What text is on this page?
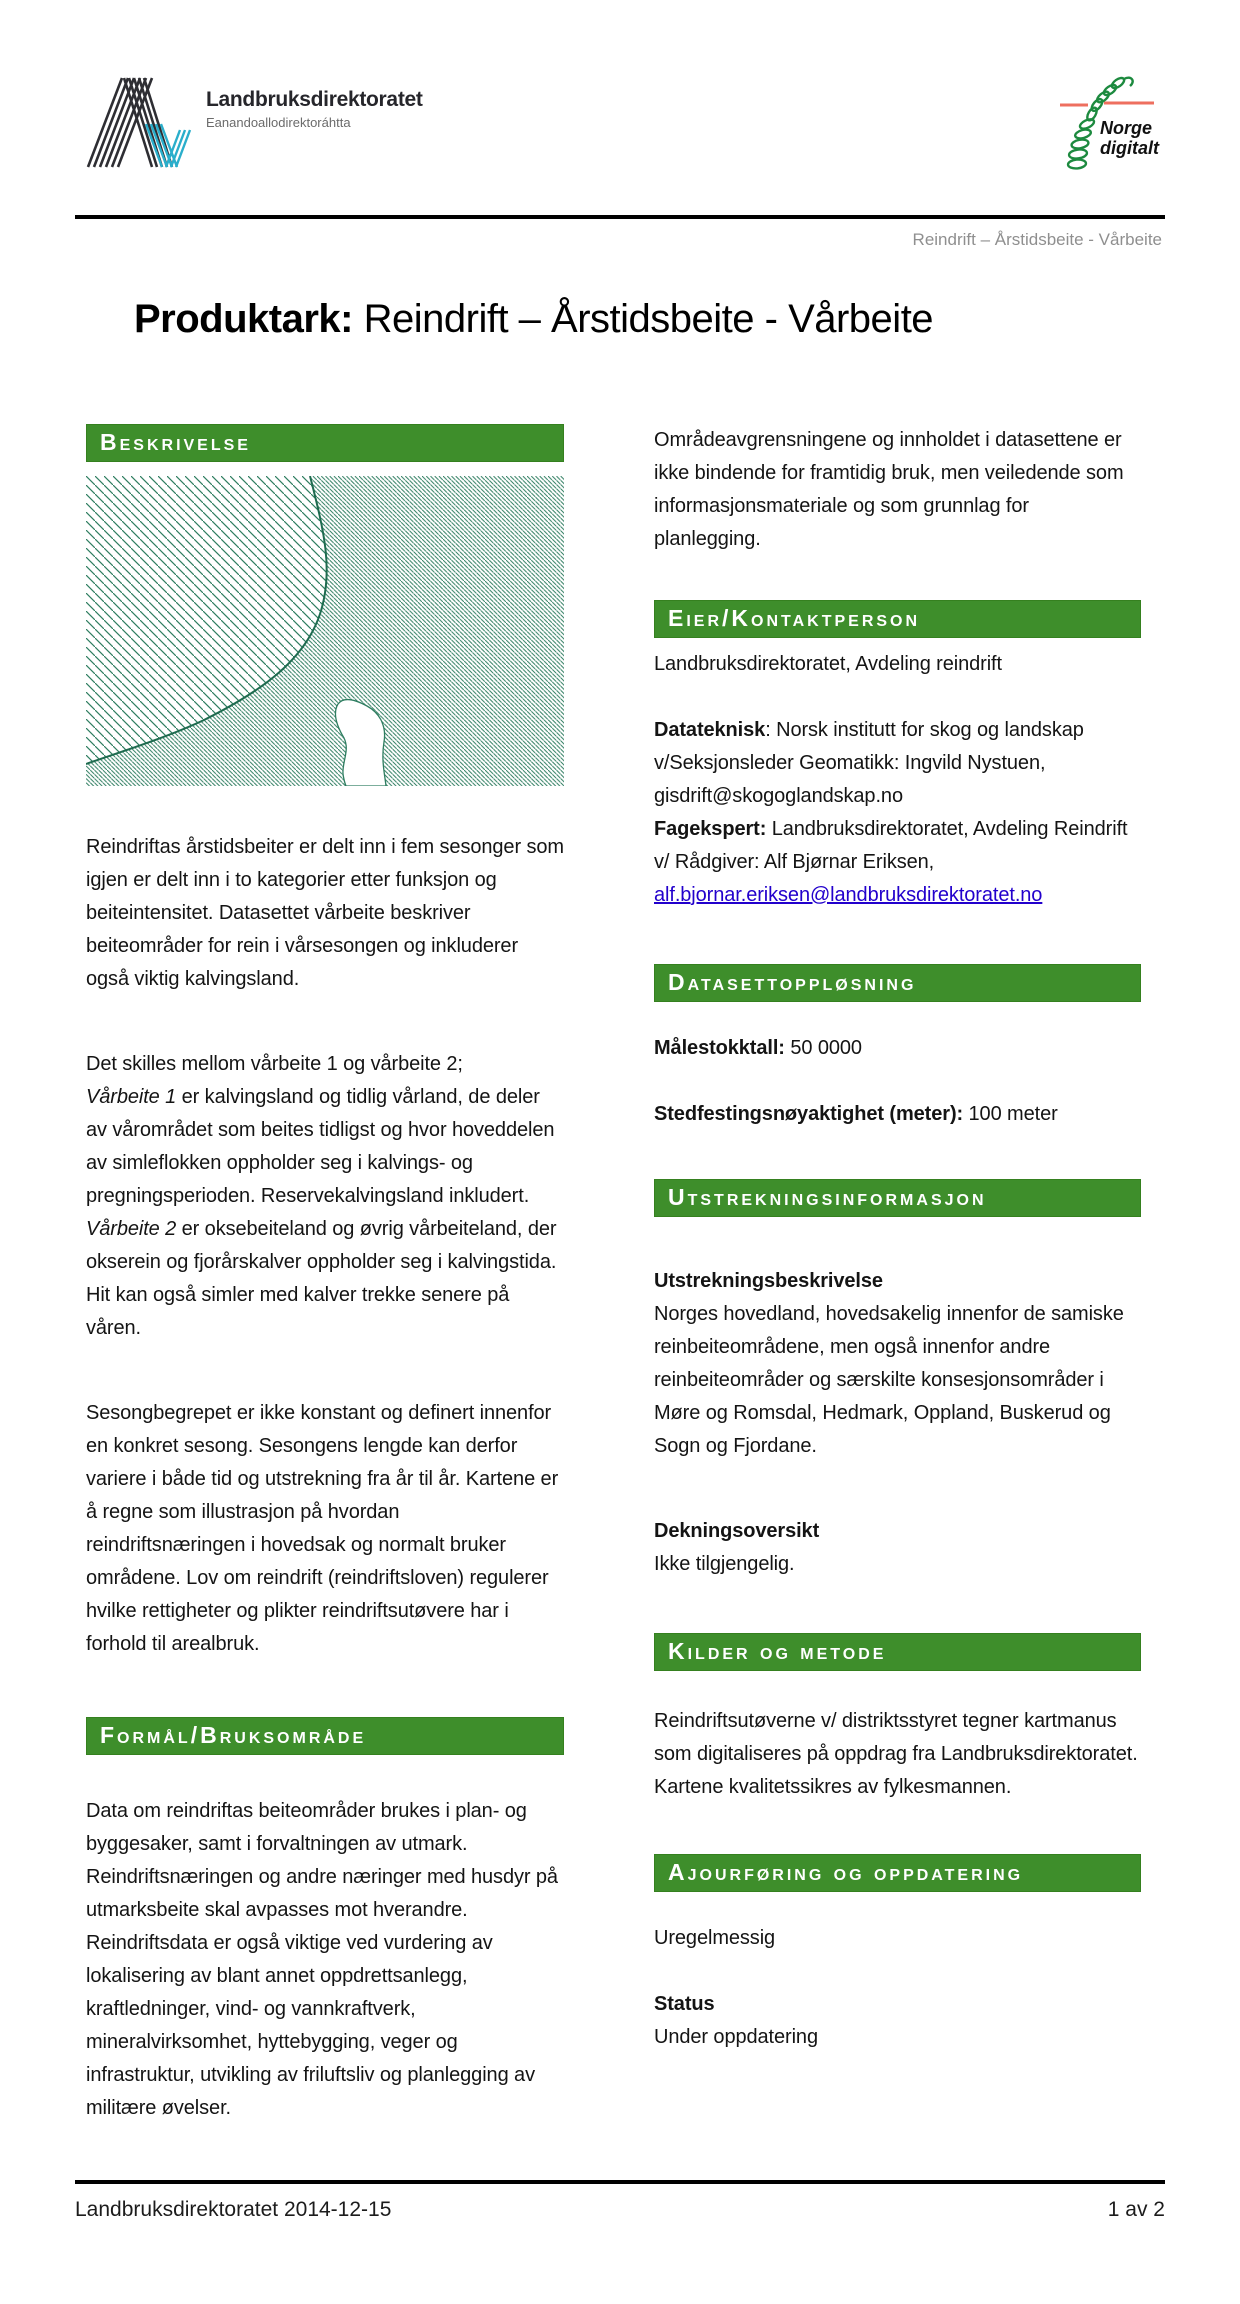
Landbruksdirektoratet
Eanandoallodirektoráhtta	Norge
digitalt
Reindrift – Årstidsbeite - Vårbeite
Produktark: Reindrift – Årstidsbeite - Vårbeite
Beskrivelse

Reindriftas årstidsbeiter er delt inn i fem sesonger som igjen er delt inn i to kategorier etter funksjon og beiteintensitet. Datasettet vårbeite beskriver beiteområder for rein i vårsesongen og inkluderer også viktig kalvingsland.

Det skilles mellom vårbeite 1 og vårbeite 2;
Vårbeite 1 er kalvingsland og tidlig vårland, de deler av vårområdet som beites tidligst og hvor hoveddelen av simleflokken oppholder seg i kalvings- og pregningsperioden. Reservekalvingsland inkludert. Vårbeite 2 er oksebeiteland og øvrig vårbeiteland, der okserein og fjorårskalver oppholder seg i kalvingstida. Hit kan også simler med kalver trekke senere på våren.

Sesongbegrepet er ikke konstant og definert innenfor en konkret sesong. Sesongens lengde kan derfor variere i både tid og utstrekning fra år til år. Kartene er å regne som illustrasjon på hvordan reindriftsnæringen i hovedsak og normalt bruker områdene. Lov om reindrift (reindriftsloven) regulerer hvilke rettigheter og plikter reindriftsutøvere har i forhold til arealbruk.

Formål/Bruksområde

Data om reindriftas beiteområder brukes i plan- og byggesaker, samt i forvaltningen av utmark. Reindriftsnæringen og andre næringer med husdyr på utmarksbeite skal avpasses mot hverandre. Reindriftsdata er også viktige ved vurdering av lokalisering av blant annet oppdrettsanlegg, kraftledninger, vind- og vannkraftverk, mineralvirksomhet, hyttebygging, veger og infrastruktur, utvikling av friluftsliv og planlegging av militære øvelser.

Områdeavgrensningene og innholdet i datasettene er ikke bindende for framtidig bruk, men veiledende som informasjonsmateriale og som grunnlag for planlegging.

Eier/Kontaktperson

Landbruksdirektoratet, Avdeling reindrift

Datateknisk: Norsk institutt for skog og landskap v/Seksjonsleder Geomatikk: Ingvild Nystuen, gisdrift@skogoglandskap.no
Fagekspert: Landbruksdirektoratet, Avdeling Reindrift v/ Rådgiver: Alf Bjørnar Eriksen,
alf.bjornar.eriksen@landbruksdirektoratet.no

Datasettoppløsning

Målestokktall: 50 0000

Stedfestingsnøyaktighet (meter): 100 meter

Utstrekningsinformasjon

Utstrekningsbeskrivelse

Norges hovedland, hovedsakelig innenfor de samiske reinbeiteområdene, men også innenfor andre reinbeiteområder og særskilte konsesjonsområder i Møre og Romsdal, Hedmark, Oppland, Buskerud og Sogn og Fjordane.

Dekningsoversikt

Ikke tilgjengelig.

Kilder og metode

Reindriftsutøverne v/ distriktsstyret tegner kartmanus som digitaliseres på oppdrag fra Landbruksdirektoratet. Kartene kvalitetssikres av fylkesmannen.

Ajourføring og oppdatering

Uregelmessig

Status

Under oppdatering

Landbruksdirektoratet 2014-12-15	1 av 2
